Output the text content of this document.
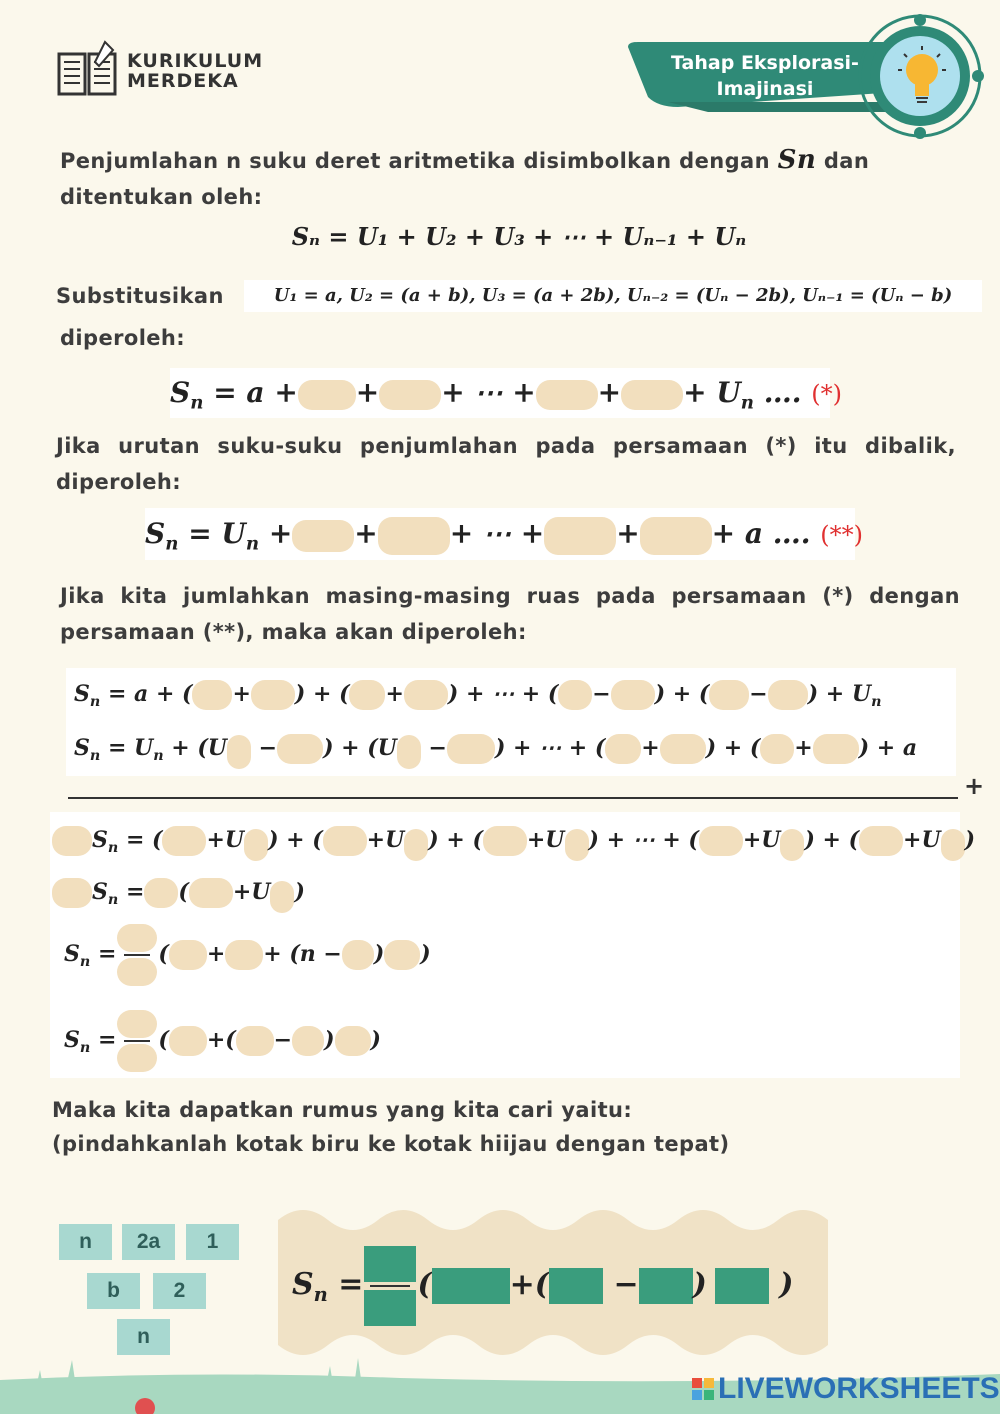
KURIKULUM
MERDEKA
Tahap Eksplorasi-
Imajinasi
Penjumlahan n suku deret aritmetika disimbolkan dengan Sn dan
ditentukan oleh:
Sₙ = U₁ + U₂ + U₃ + ⋯ + Uₙ₋₁ + Uₙ
Substitusikan	U₁ = a, U₂ = (a + b), U₃ = (a + 2b), Uₙ₋₂ = (Uₙ − 2b), Uₙ₋₁ = (Uₙ − b)
diperoleh:
$S_n = a$ + + + ⋯ + + + $U_n$ …. (*)
Jika urutan suku-suku penjumlahan pada persamaan (*) itu dibalik, diperoleh:
$S_n = U_n$ + +	+ ⋯ +	+	+ a …. (**)
Jika kita jumlahkan masing-masing ruas pada persamaan (*) dengan persamaan (**), maka akan diperoleh:
$S_n = a$ + ( + ) + ( + ) + ⋯ + ( − ) + ( − ) + $U_n$
$S_n = U_n + (U$ − ) + (U − ) + ⋯ + ( + ) + ( + ) + a
+
$S_n$ = ( +U ) + ( +U ) + ( +U ) + ⋯ + ( +U ) + ( +U )
$S_n$ = ( +U )
$S_n$ = ( + + (n − ) )
$S_n$ = ( +( − ) )
Maka kita dapatkan rumus yang kita cari yaitu:
(pindahkanlah kotak biru ke kotak hiijau dengan tepat)
n	2a	1
b	2
n
$S_n$ = (	+( − ) )
LIVEWORKSHEETS
